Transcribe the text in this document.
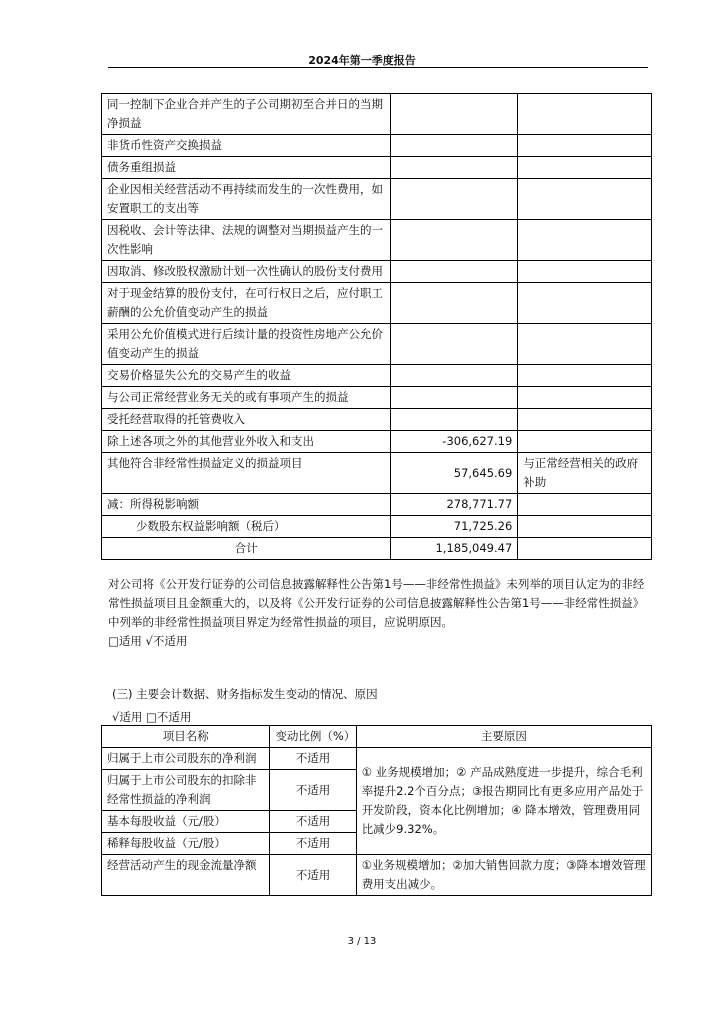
2024年第一季度报告
同一控制下企业合并产生的子公司期初至合并日的当期净损益		
非货币性资产交换损益		
债务重组损益		
企业因相关经营活动不再持续而发生的一次性费用，如安置职工的支出等		
因税收、会计等法律、法规的调整对当期损益产生的一次性影响		
因取消、修改股权激励计划一次性确认的股份支付费用		
对于现金结算的股份支付，在可行权日之后，应付职工薪酬的公允价值变动产生的损益		
采用公允价值模式进行后续计量的投资性房地产公允价值变动产生的损益		
交易价格显失公允的交易产生的收益		
与公司正常经营业务无关的或有事项产生的损益		
受托经营取得的托管费收入		
除上述各项之外的其他营业外收入和支出	-306,627.19	
其他符合非经常性损益定义的损益项目	57,645.69	与正常经营相关的政府补助
减：所得税影响额	278,771.77	
少数股东权益影响额（税后）	71,725.26	
合计	1,185,049.47	
对公司将《公开发行证券的公司信息披露解释性公告第1号——非经常性损益》未列举的项目认定为的非经常性损益项目且金额重大的，以及将《公开发行证券的公司信息披露解释性公告第1号——非经常性损益》中列举的非经常性损益项目界定为经常性损益的项目，应说明原因。
□适用 √不适用
(三) 主要会计数据、财务指标发生变动的情况、原因
√适用 □不适用
项目名称	变动比例（%）	主要原因
归属于上市公司股东的净利润	不适用	① 业务规模增加；② 产品成熟度进一步提升，综合毛利率提升2.2个百分点；③报告期同比有更多应用产品处于开发阶段，资本化比例增加；④ 降本增效，管理费用同比减少9.32%。
归属于上市公司股东的扣除非经常性损益的净利润	不适用	
基本每股收益（元/股）	不适用	
稀释每股收益（元/股）	不适用	
经营活动产生的现金流量净额	不适用	①业务规模增加；②加大销售回款力度；③降本增效管理费用支出减少。
3 / 13
